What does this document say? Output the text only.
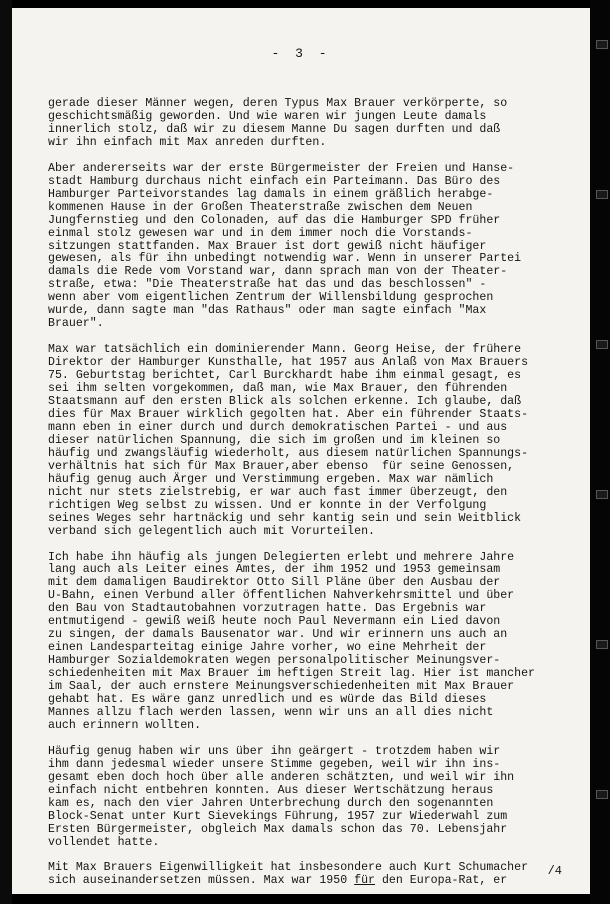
- 3 -
gerade dieser Männer wegen, deren Typus Max Brauer verkörperte, so
geschichtsmäßig geworden. Und wie waren wir jungen Leute damals
innerlich stolz, daß wir zu diesem Manne Du sagen durften und daß
wir ihn einfach mit Max anreden durften.
Aber andererseits war der erste Bürgermeister der Freien und Hanse-
stadt Hamburg durchaus nicht einfach ein Parteimann. Das Büro des
Hamburger Parteivorstandes lag damals in einem gräßlich herabge-
kommenen Hause in der Großen Theaterstraße zwischen dem Neuen
Jungfernstieg und den Colonaden, auf das die Hamburger SPD früher
einmal stolz gewesen war und in dem immer noch die Vorstands-
sitzungen stattfanden. Max Brauer ist dort gewiß nicht häufiger
gewesen, als für ihn unbedingt notwendig war. Wenn in unserer Partei
damals die Rede vom Vorstand war, dann sprach man von der Theater-
straße, etwa: "Die Theaterstraße hat das und das beschlossen" -
wenn aber vom eigentlichen Zentrum der Willensbildung gesprochen
wurde, dann sagte man "das Rathaus" oder man sagte einfach "Max
Brauer".
Max war tatsächlich ein dominierender Mann. Georg Heise, der frühere
Direktor der Hamburger Kunsthalle, hat 1957 aus Anlaß von Max Brauers
75. Geburtstag berichtet, Carl Burckhardt habe ihm einmal gesagt, es
sei ihm selten vorgekommen, daß man, wie Max Brauer, den führenden
Staatsmann auf den ersten Blick als solchen erkenne. Ich glaube, daß
dies für Max Brauer wirklich gegolten hat. Aber ein führender Staats-
mann eben in einer durch und durch demokratischen Partei - und aus
dieser natürlichen Spannung, die sich im großen und im kleinen so
häufig und zwangsläufig wiederholt, aus diesem natürlichen Spannungs-
verhältnis hat sich für Max Brauer,aber ebenso  für seine Genossen,
häufig genug auch Ärger und Verstimmung ergeben. Max war nämlich
nicht nur stets zielstrebig, er war auch fast immer überzeugt, den
richtigen Weg selbst zu wissen. Und er konnte in der Verfolgung
seines Weges sehr hartnäckig und sehr kantig sein und sein Weitblick
verband sich gelegentlich auch mit Vorurteilen.
Ich habe ihn häufig als jungen Delegierten erlebt und mehrere Jahre
lang auch als Leiter eines Amtes, der ihm 1952 und 1953 gemeinsam
mit dem damaligen Baudirektor Otto Sill Pläne über den Ausbau der
U-Bahn, einen Verbund aller öffentlichen Nahverkehrsmittel und über
den Bau von Stadtautobahnen vorzutragen hatte. Das Ergebnis war
entmutigend - gewiß weiß heute noch Paul Nevermann ein Lied davon
zu singen, der damals Bausenator war. Und wir erinnern uns auch an
einen Landesparteitag einige Jahre vorher, wo eine Mehrheit der
Hamburger Sozialdemokraten wegen personalpolitischer Meinungsver-
schiedenheiten mit Max Brauer im heftigen Streit lag. Hier ist mancher
im Saal, der auch ernstere Meinungsverschiedenheiten mit Max Brauer
gehabt hat. Es wäre ganz unredlich und es würde das Bild dieses
Mannes allzu flach werden lassen, wenn wir uns an all dies nicht
auch erinnern wollten.
Häufig genug haben wir uns über ihn geärgert - trotzdem haben wir
ihm dann jedesmal wieder unsere Stimme gegeben, weil wir ihn ins-
gesamt eben doch hoch über alle anderen schätzten, und weil wir ihn
einfach nicht entbehren konnten. Aus dieser Wertschätzung heraus
kam es, nach den vier Jahren Unterbrechung durch den sogenannten
Block-Senat unter Kurt Sievekings Führung, 1957 zur Wiederwahl zum
Ersten Bürgermeister, obgleich Max damals schon das 70. Lebensjahr
vollendet hatte.
Mit Max Brauers Eigenwilligkeit hat insbesondere auch Kurt Schumacher
sich auseinandersetzen müssen. Max war 1950 für den Europa-Rat, er
/4
